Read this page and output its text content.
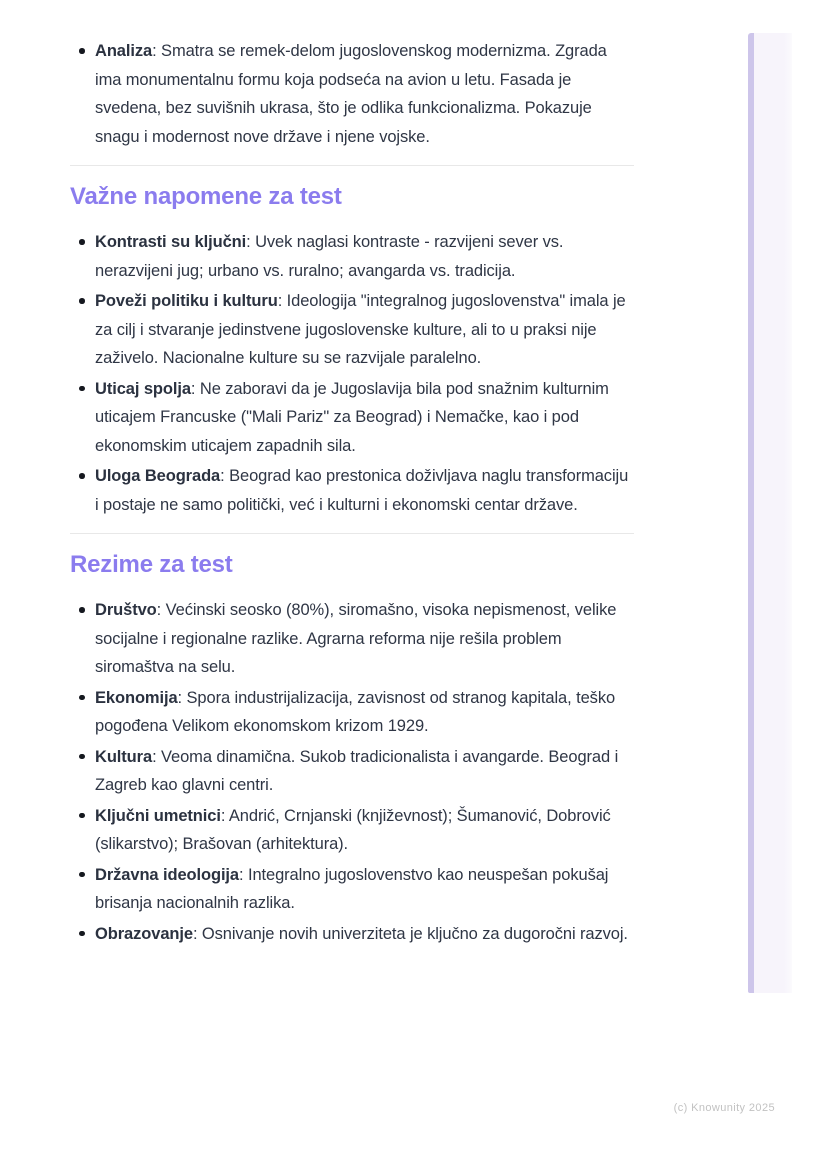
Analiza: Smatra se remek-delom jugoslovenskog modernizma. Zgrada ima monumentalnu formu koja podseća na avion u letu. Fasada je svedena, bez suvišnih ukrasa, što je odlika funkcionalizma. Pokazuje snagu i modernost nove države i njene vojske.
Važne napomene za test
Kontrasti su ključni: Uvek naglasi kontraste - razvijeni sever vs. nerazvijeni jug; urbano vs. ruralno; avangarda vs. tradicija.
Poveži politiku i kulturu: Ideologija "integralnog jugoslovenstva" imala je za cilj i stvaranje jedinstvene jugoslovenske kulture, ali to u praksi nije zaživelo. Nacionalne kulture su se razvijale paralelno.
Uticaj spolja: Ne zaboravi da je Jugoslavija bila pod snažnim kulturnim uticajem Francuske ("Mali Pariz" za Beograd) i Nemačke, kao i pod ekonomskim uticajem zapadnih sila.
Uloga Beograda: Beograd kao prestonica doživljava naglu transformaciju i postaje ne samo politički, već i kulturni i ekonomski centar države.
Rezime za test
Društvo: Većinski seosko (80%), siromašno, visoka nepismenost, velike socijalne i regionalne razlike. Agrarna reforma nije rešila problem siromaštva na selu.
Ekonomija: Spora industrijalizacija, zavisnost od stranog kapitala, teško pogođena Velikom ekonomskom krizom 1929.
Kultura: Veoma dinamična. Sukob tradicionalista i avangarde. Beograd i Zagreb kao glavni centri.
Ključni umetnici: Andrić, Crnjanski (književnost); Šumanović, Dobrović (slikarstvo); Brašovan (arhitektura).
Državna ideologija: Integralno jugoslovenstvo kao neuspešan pokušaj brisanja nacionalnih razlika.
Obrazovanje: Osnivanje novih univerziteta je ključno za dugoročni razvoj.
(c) Knowunity 2025
